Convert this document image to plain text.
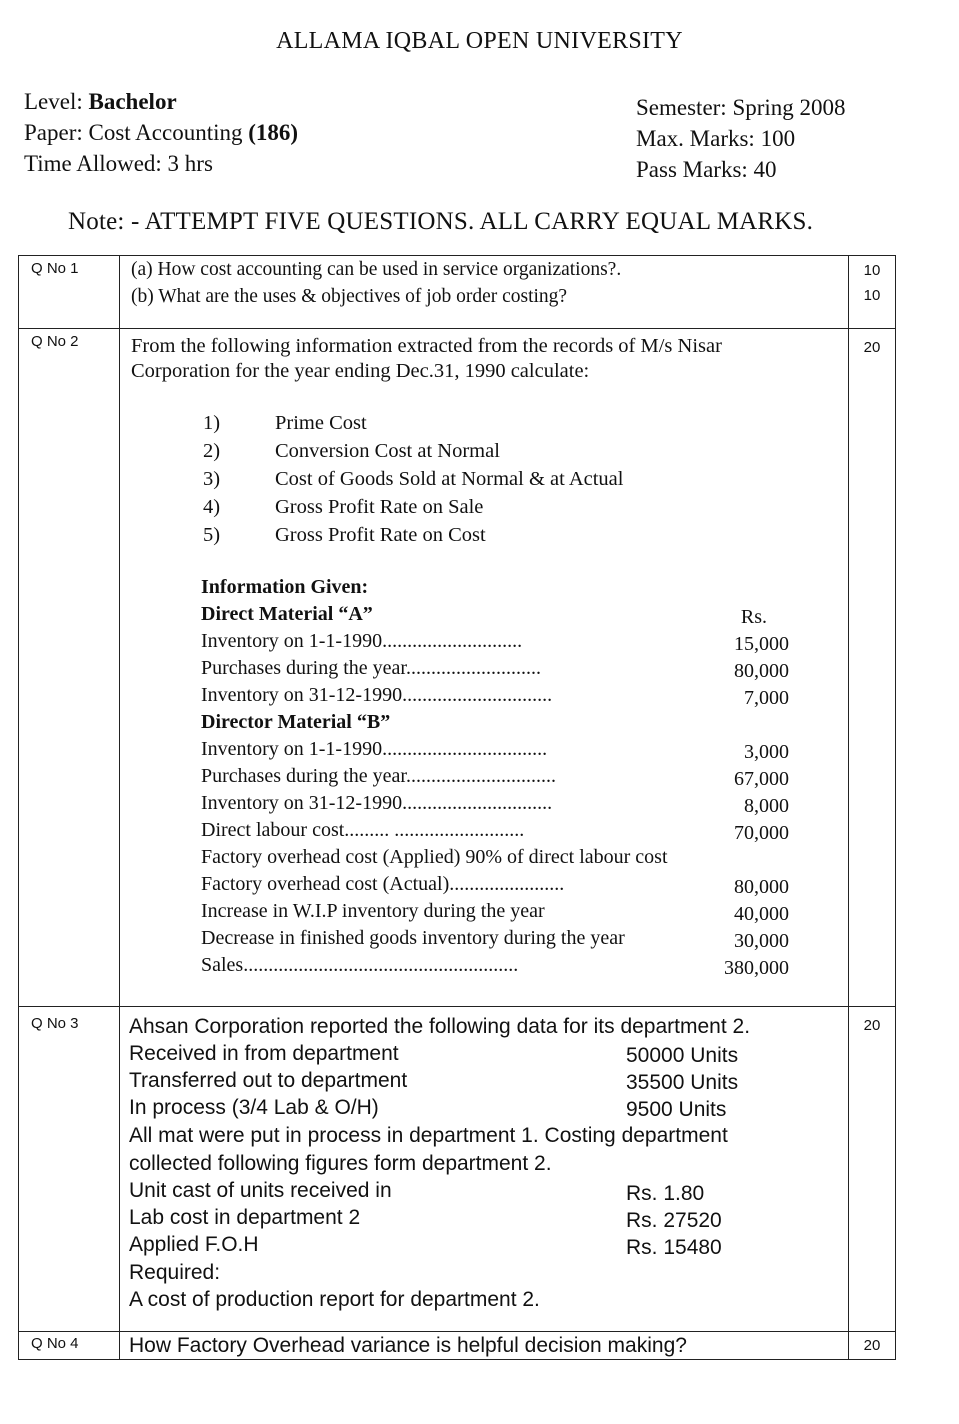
ALLAMA IQBAL OPEN UNIVERSITY
Level: Bachelor
Paper: Cost Accounting (186)
Time Allowed: 3 hrs
Semester: Spring 2008
Max. Marks: 100
Pass Marks: 40
Note: - ATTEMPT FIVE QUESTIONS. ALL CARRY EQUAL MARKS.
Q No 1	(a) How cost accounting can be used in service organizations?.
(b) What are the uses & objectives of job order costing?
10
10
Q No 2	From the following information extracted from the records of M/s Nisar
Corporation for the year ending Dec.31, 1990 calculate:
1)	Prime Cost
2)	Conversion Cost at Normal
3)	Cost of Goods Sold at Normal & at Actual
4)	Gross Profit Rate on Sale
5)	Gross Profit Rate on Cost
Information Given:
Direct Material “A”	Rs.
Inventory on 1-1-1990............................	15,000
Purchases during the year...........................	80,000
Inventory on 31-12-1990..............................	7,000
Director Material “B”
Inventory on 1-1-1990.................................	3,000
Purchases during the year..............................	67,000
Inventory on 31-12-1990..............................	8,000
Direct labour cost......... ..........................	70,000
Factory overhead cost (Applied) 90% of direct labour cost
Factory overhead cost (Actual).......................	80,000
Increase in W.I.P inventory during the year	40,000
Decrease in finished goods inventory during the year	30,000
Sales.......................................................	380,000
20
Q No 3 Ahsan Corporation reported the following data for its department 2.
Received in from department	50000 Units
Transferred out to department	35500 Units
In process (3/4 Lab & O/H)	9500 Units
All mat were put in process in department 1. Costing department
collected following figures form department 2.
Unit cast of units received in	Rs. 1.80
Lab cost in department 2	Rs. 27520
Applied F.O.H	Rs. 15480
Required:
A cost of production report for department 2.
20
Q No 4 How Factory Overhead variance is helpful decision making?	20
